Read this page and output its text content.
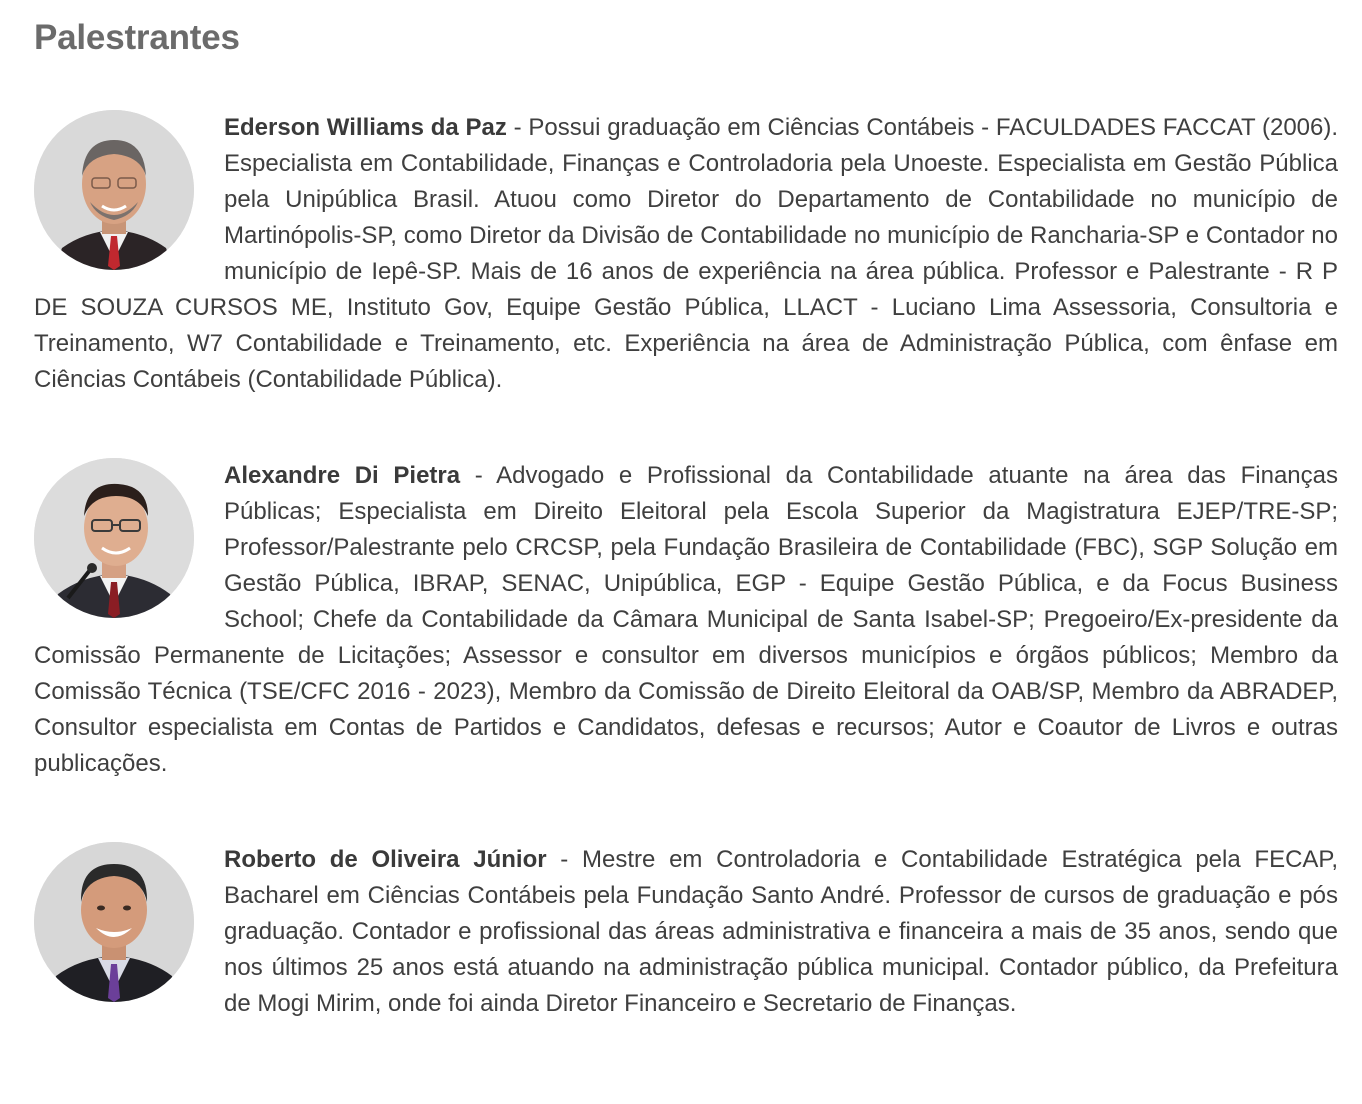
Palestrantes

Ederson Williams da Paz - Possui graduação em Ciências Contábeis - FACULDADES FACCAT (2006). Especialista em Contabilidade, Finanças e Controladoria pela Unoeste. Especialista em Gestão Pública pela Unipública Brasil. Atuou como Diretor do Departamento de Contabilidade no município de Martinópolis-SP, como Diretor da Divisão de Contabilidade no município de Rancharia-SP e Contador no município de Iepê-SP. Mais de 16 anos de experiência na área pública. Professor e Palestrante - R P DE SOUZA CURSOS ME, Instituto Gov, Equipe Gestão Pública, LLACT - Luciano Lima Assessoria, Consultoria e Treinamento, W7 Contabilidade e Treinamento, etc. Experiência na área de Administração Pública, com ênfase em Ciências Contábeis (Contabilidade Pública).

Alexandre Di Pietra - Advogado e Profissional da Contabilidade atuante na área das Finanças Públicas; Especialista em Direito Eleitoral pela Escola Superior da Magistratura EJEP/TRE-SP; Professor/Palestrante pelo CRCSP, pela Fundação Brasileira de Contabilidade (FBC), SGP Solução em Gestão Pública, IBRAP, SENAC, Unipública, EGP - Equipe Gestão Pública, e da Focus Business School; Chefe da Contabilidade da Câmara Municipal de Santa Isabel-SP; Pregoeiro/Ex-presidente da Comissão Permanente de Licitações; Assessor e consultor em diversos municípios e órgãos públicos; Membro da Comissão Técnica (TSE/CFC 2016 - 2023), Membro da Comissão de Direito Eleitoral da OAB/SP, Membro da ABRADEP, Consultor especialista em Contas de Partidos e Candidatos, defesas e recursos; Autor e Coautor de Livros e outras publicações.

Roberto de Oliveira Júnior - Mestre em Controladoria e Contabilidade Estratégica pela FECAP, Bacharel em Ciências Contábeis pela Fundação Santo André. Professor de cursos de graduação e pós graduação. Contador e profissional das áreas administrativa e financeira a mais de 35 anos, sendo que nos últimos 25 anos está atuando na administração pública municipal. Contador público, da Prefeitura de Mogi Mirim, onde foi ainda Diretor Financeiro e Secretario de Finanças.
